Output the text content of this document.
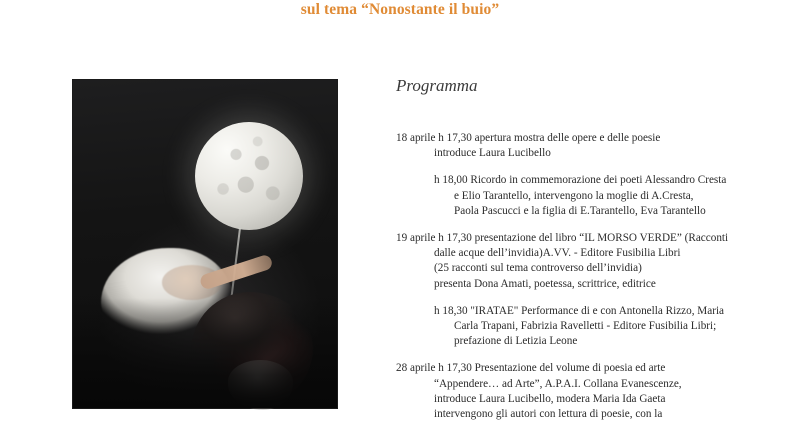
sul tema “Nonostante il buio”
Programma
18 aprile h 17,30 apertura mostra delle opere e delle poesie
introduce Laura Lucibello
h 18,00 Ricordo in commemorazione dei poeti Alessandro Cresta
e Elio Tarantello, intervengono la moglie di A.Cresta,
Paola Pascucci e la figlia di E.Tarantello, Eva Tarantello
19 aprile h 17,30 presentazione del libro “IL MORSO VERDE” (Racconti
dalle acque dell’invidia)A.VV. - Editore Fusibilia Libri
(25 racconti sul tema controverso dell’invidia)
presenta Dona Amati, poetessa, scrittrice, editrice
h 18,30 "IRATAE" Performance di e con Antonella Rizzo, Maria
Carla Trapani, Fabrizia Ravelletti - Editore Fusibilia Libri;
prefazione di Letizia Leone
28 aprile h 17,30 Presentazione del volume di poesia ed arte
“Appendere… ad Arte”, A.P.A.I. Collana Evanescenze,
introduce Laura Lucibello, modera Maria Ida Gaeta
intervengono gli autori con lettura di poesie, con la
